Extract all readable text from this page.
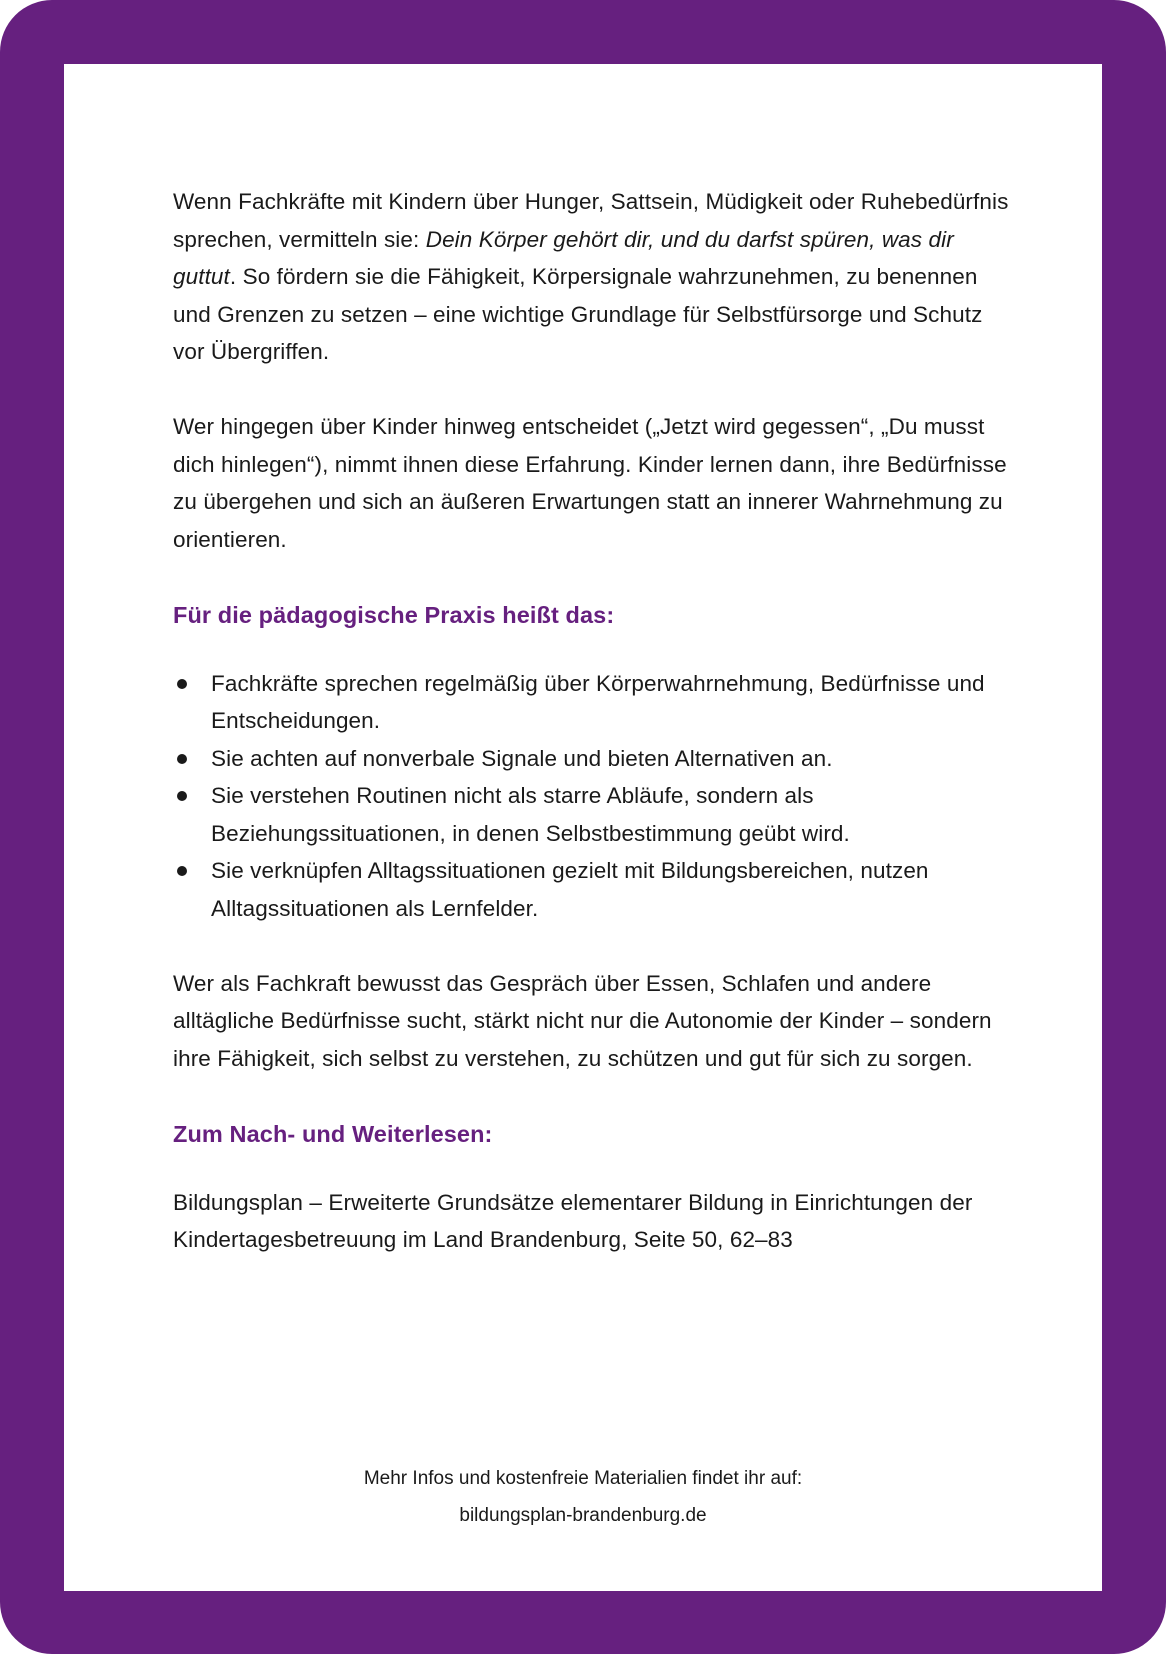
Wenn Fachkräfte mit Kindern über Hunger, Sattsein, Müdigkeit oder Ruhebedürfnis sprechen, vermitteln sie: Dein Körper gehört dir, und du darfst spüren, was dir guttut. So fördern sie die Fähigkeit, Körpersignale wahrzunehmen, zu benennen und Grenzen zu setzen – eine wichtige Grundlage für Selbstfürsorge und Schutz vor Übergriffen.

Wer hingegen über Kinder hinweg entscheidet („Jetzt wird gegessen“, „Du musst dich hinlegen“), nimmt ihnen diese Erfahrung. Kinder lernen dann, ihre Bedürfnisse zu übergehen und sich an äußeren Erwartungen statt an innerer Wahrnehmung zu orientieren.

Für die pädagogische Praxis heißt das:
Fachkräfte sprechen regelmäßig über Körperwahrnehmung, Bedürfnisse und Entscheidungen.
Sie achten auf nonverbale Signale und bieten Alternativen an.
Sie verstehen Routinen nicht als starre Abläufe, sondern als Beziehungssituationen, in denen Selbstbestimmung geübt wird.
Sie verknüpfen Alltagssituationen gezielt mit Bildungsbereichen, nutzen Alltagssituationen als Lernfelder.

Wer als Fachkraft bewusst das Gespräch über Essen, Schlafen und andere alltägliche Bedürfnisse sucht, stärkt nicht nur die Autonomie der Kinder – sondern ihre Fähigkeit, sich selbst zu verstehen, zu schützen und gut für sich zu sorgen.

Zum Nach- und Weiterlesen:

Bildungsplan – Erweiterte Grundsätze elementarer Bildung in Einrichtungen der Kindertagesbetreuung im Land Brandenburg, Seite 50, 62–83

Mehr Infos und kostenfreie Materialien findet ihr auf:
bildungsplan-brandenburg.de
